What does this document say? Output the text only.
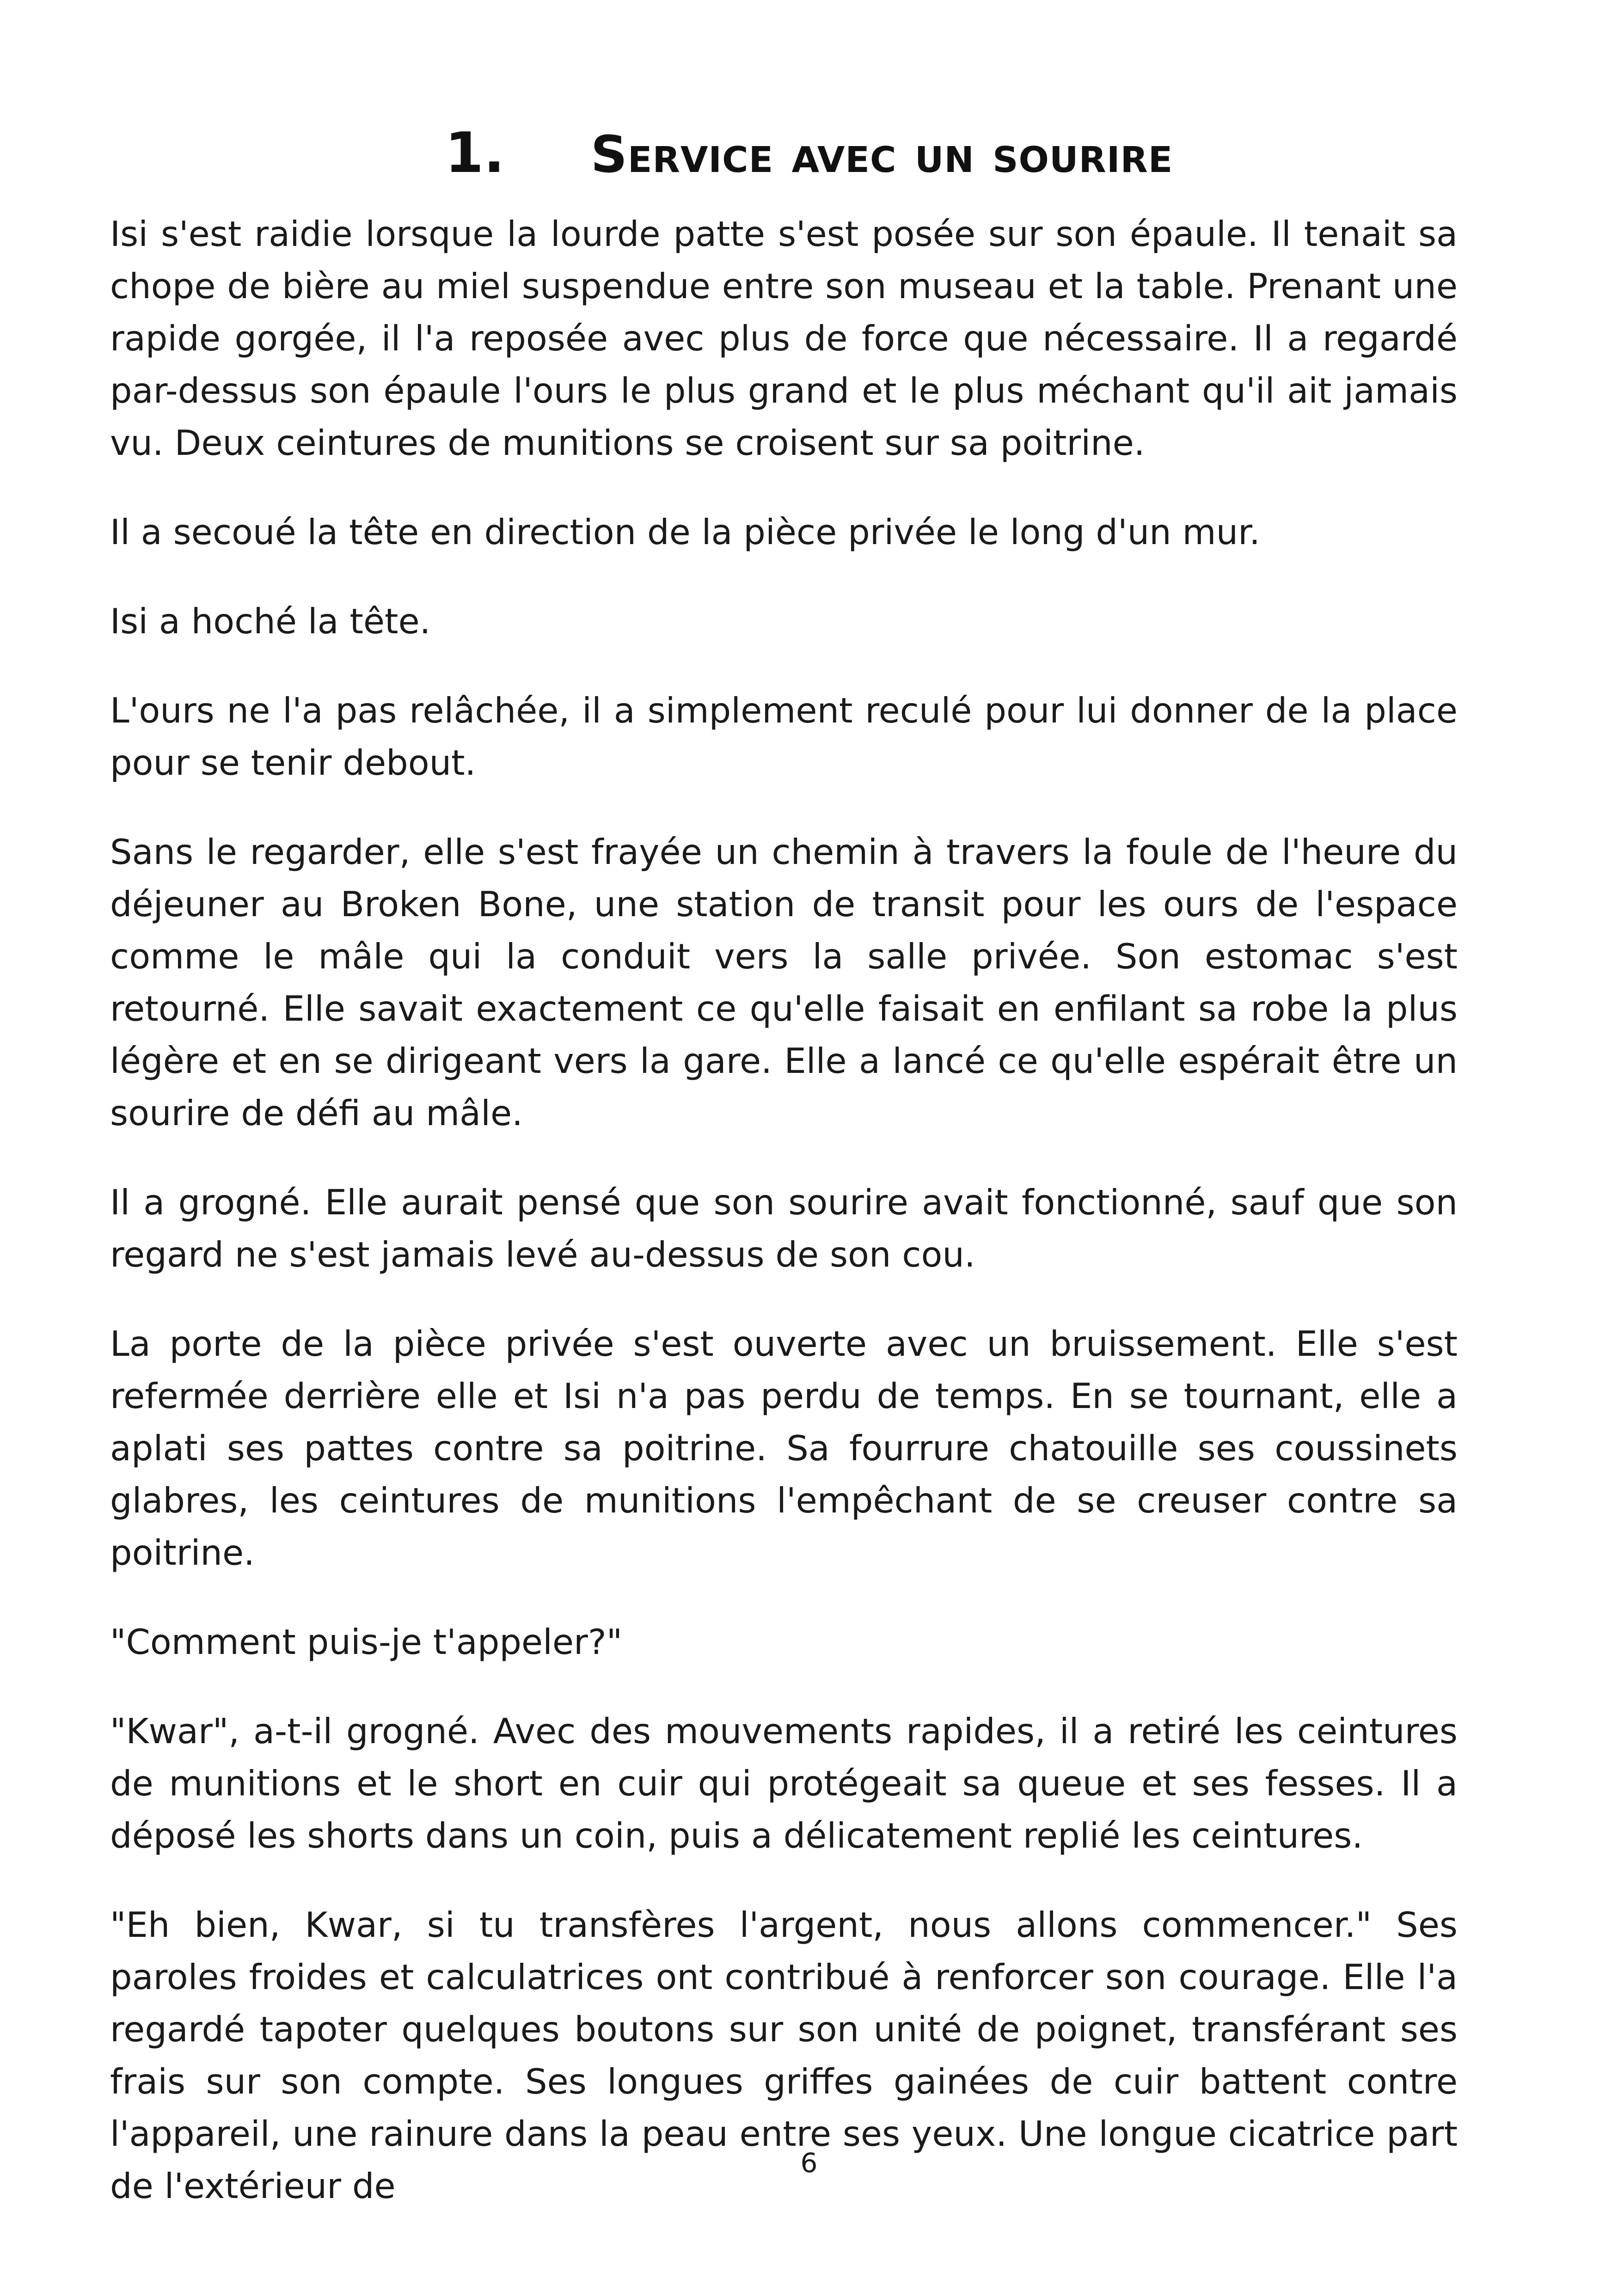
1. Service avec un sourire

Isi s'est raidie lorsque la lourde patte s'est posée sur son épaule. Il tenait sa chope de bière au miel suspendue entre son museau et la table. Prenant une rapide gorgée, il l'a reposée avec plus de force que nécessaire. Il a regardé par-dessus son épaule l'ours le plus grand et le plus méchant qu'il ait jamais vu. Deux ceintures de munitions se croisent sur sa poitrine.

Il a secoué la tête en direction de la pièce privée le long d'un mur.

Isi a hoché la tête.

L'ours ne l'a pas relâchée, il a simplement reculé pour lui donner de la place pour se tenir debout.

Sans le regarder, elle s'est frayée un chemin à travers la foule de l'heure du déjeuner au Broken Bone, une station de transit pour les ours de l'espace comme le mâle qui la conduit vers la salle privée. Son estomac s'est retourné. Elle savait exactement ce qu'elle faisait en enfilant sa robe la plus légère et en se dirigeant vers la gare. Elle a lancé ce qu'elle espérait être un sourire de défi au mâle.

Il a grogné. Elle aurait pensé que son sourire avait fonctionné, sauf que son regard ne s'est jamais levé au-dessus de son cou.

La porte de la pièce privée s'est ouverte avec un bruissement. Elle s'est refermée derrière elle et Isi n'a pas perdu de temps. En se tournant, elle a aplati ses pattes contre sa poitrine. Sa fourrure chatouille ses coussinets glabres, les ceintures de munitions l'empêchant de se creuser contre sa poitrine.

"Comment puis-je t'appeler?"

"Kwar", a-t-il grogné. Avec des mouvements rapides, il a retiré les ceintures de munitions et le short en cuir qui protégeait sa queue et ses fesses. Il a déposé les shorts dans un coin, puis a délicatement replié les ceintures.

"Eh bien, Kwar, si tu transfères l'argent, nous allons commencer." Ses paroles froides et calculatrices ont contribué à renforcer son courage. Elle l'a regardé tapoter quelques boutons sur son unité de poignet, transférant ses frais sur son compte. Ses longues griffes gainées de cuir battent contre l'appareil, une rainure dans la peau entre ses yeux. Une longue cicatrice part de l'extérieur de

6
